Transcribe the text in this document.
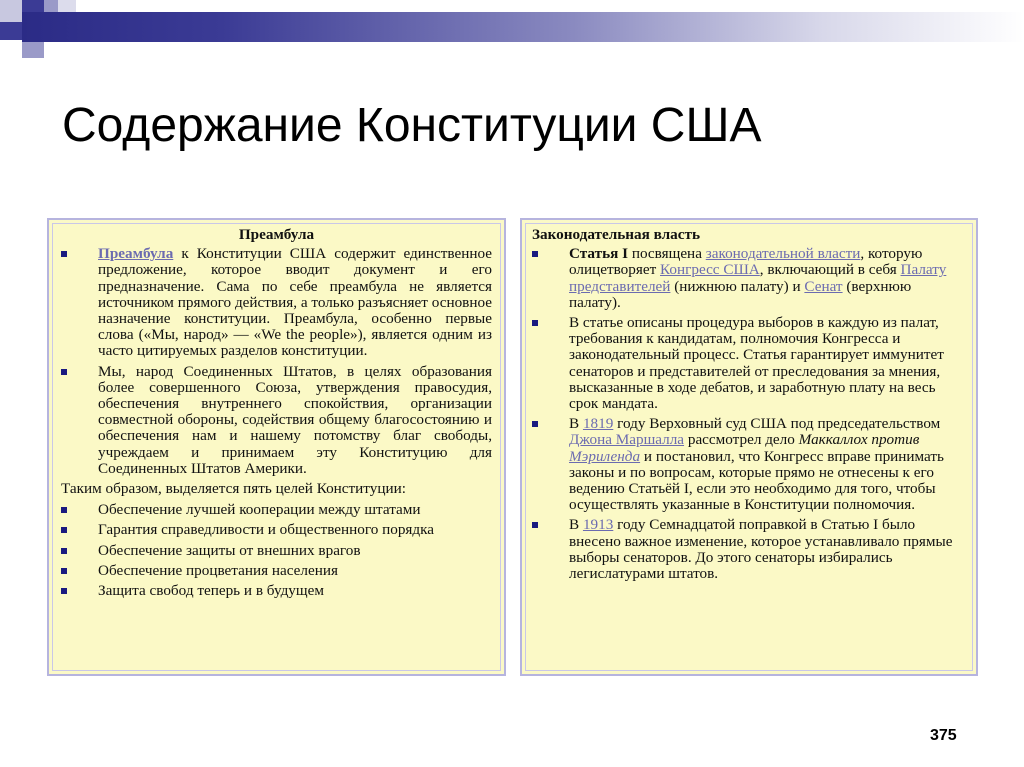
Содержание Конституции США
Преамбула
Преамбула к Конституции США содержит единственное предложение, которое вводит документ и его предназначение. Сама по себе преамбула не является источником прямого действия, а только разъясняет основное назначение конституции. Преамбула, особенно первые слова («Мы, народ» — «We the people»), является одним из часто цитируемых разделов конституции.
Мы, народ Соединенных Штатов, в целях образования более совершенного Союза, утверждения правосудия, обеспечения внутреннего спокойствия, организации совместной обороны, содействия общему благосостоянию и обеспечения нам и нашему потомству благ свободы, учреждаем и принимаем эту Конституцию для Соединенных Штатов Америки.
Таким образом, выделяется пять целей Конституции:
Обеспечение лучшей кооперации между штатами
Гарантия справедливости и общественного порядка
Обеспечение защиты от внешних врагов
Обеспечение процветания населения
Защита свобод теперь и в будущем
Законодательная власть
Статья I посвящена законодательной власти, которую олицетворяет Конгресс США, включающий в себя Палату представителей (нижнюю палату) и Сенат (верхнюю палату).
В статье описаны процедура выборов в каждую из палат, требования к кандидатам, полномочия Конгресса и законодательный процесс. Статья гарантирует иммунитет сенаторов и представителей от преследования за мнения, высказанные в ходе дебатов, и заработную плату на весь срок мандата.
В 1819 году Верховный суд США под председательством Джона Маршалла рассмотрел дело Маккаллох против Мэриленда и постановил, что Конгресс вправе принимать законы и по вопросам, которые прямо не отнесены к его ведению Статьёй I, если это необходимо для того, чтобы осуществлять указанные в Конституции полномочия.
В 1913 году Семнадцатой поправкой в Статью I было внесено важное изменение, которое устанавливало прямые выборы сенаторов. До этого сенаторы избирались легислатурами штатов.
375
